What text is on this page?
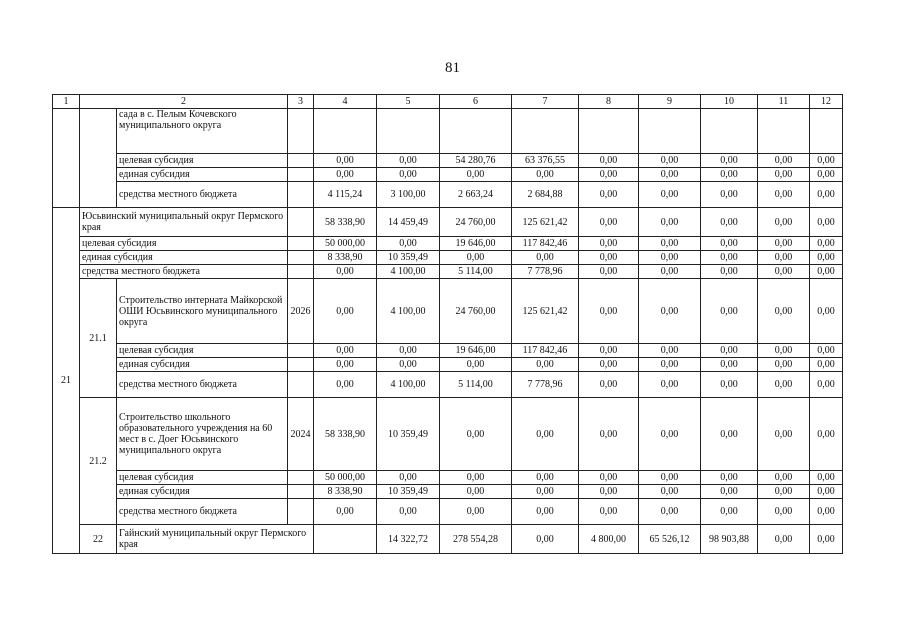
81
1	2		3	4	5	6	7	8	9	10	11	12	
		сада в с. Пелым Кочевского муниципального округа											
		целевая субсидия		0,00	0,00	54 280,76	63 376,55	0,00	0,00	0,00	0,00	0,00	
		единая субсидия		0,00	0,00	0,00	0,00	0,00	0,00	0,00	0,00	0,00	
		средства местного бюджета		4 115,24	3 100,00	2 663,24	2 684,88	0,00	0,00	0,00	0,00	0,00	
21	Юсьвинский муниципальный округ Пермского края			58 338,90	14 459,49	24 760,00	125 621,42	0,00	0,00	0,00	0,00	0,00	
	целевая субсидия			50 000,00	0,00	19 646,00	117 842,46	0,00	0,00	0,00	0,00	0,00	
	единая субсидия			8 338,90	10 359,49	0,00	0,00	0,00	0,00	0,00	0,00	0,00	
	средства местного бюджета			0,00	4 100,00	5 114,00	7 778,96	0,00	0,00	0,00	0,00	0,00	
	21.1	Строительство интерната Майкорской ОШИ Юсьвинского муниципального округа	2026	0,00	4 100,00	24 760,00	125 621,42	0,00	0,00	0,00	0,00	0,00	
		целевая субсидия		0,00	0,00	19 646,00	117 842,46	0,00	0,00	0,00	0,00	0,00	
		единая субсидия		0,00	0,00	0,00	0,00	0,00	0,00	0,00	0,00	0,00	
		средства местного бюджета		0,00	4 100,00	5 114,00	7 778,96	0,00	0,00	0,00	0,00	0,00	
	21.2	Строительство школьного образовательного учреждения на 60 мест в с. Доег Юсьвинского муниципального округа	2024	58 338,90	10 359,49	0,00	0,00	0,00	0,00	0,00	0,00	0,00	
		целевая субсидия		50 000,00	0,00	0,00	0,00	0,00	0,00	0,00	0,00	0,00	
		единая субсидия		8 338,90	10 359,49	0,00	0,00	0,00	0,00	0,00	0,00	0,00	
		средства местного бюджета		0,00	0,00	0,00	0,00	0,00	0,00	0,00	0,00	0,00	
	22	Гайнский муниципальный округ Пермского края			14 322,72	278 554,28	0,00	4 800,00	65 526,12	98 903,88	0,00	0,00	
